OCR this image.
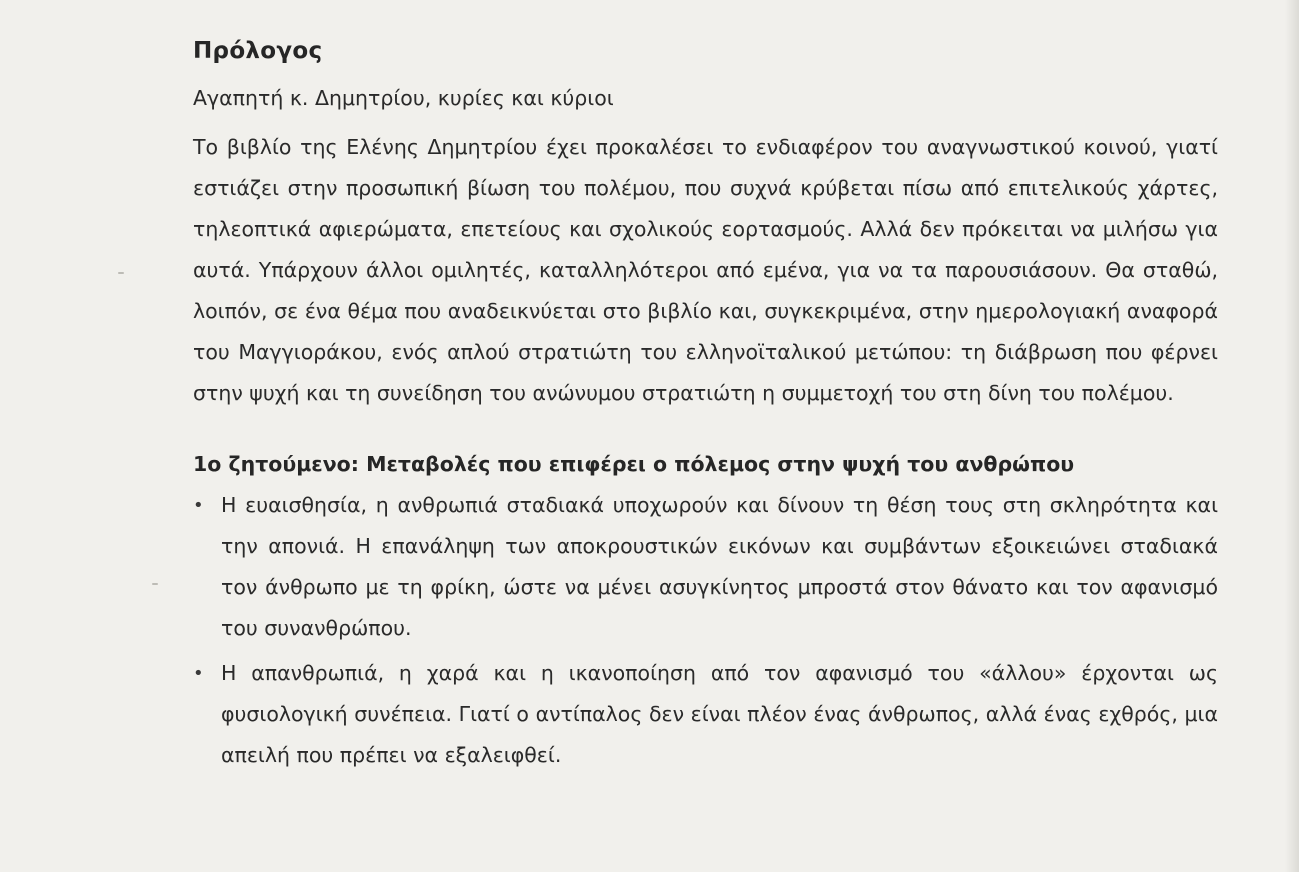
Πρόλογος

Αγαπητή κ. Δημητρίου, κυρίες και κύριοι

Το βιβλίο της Ελένης Δημητρίου έχει προκαλέσει το ενδιαφέρον του αναγνωστικού κοινού, γιατί εστιάζει στην προσωπική βίωση του πολέμου, που συχνά κρύβεται πίσω από επιτελικούς χάρτες, τηλεοπτικά αφιερώματα, επετείους και σχολικούς εορτασμούς. Αλλά δεν πρόκειται να μιλήσω για αυτά. Υπάρχουν άλλοι ομιλητές, καταλληλότεροι από εμένα, για να τα παρουσιάσουν. Θα σταθώ, λοιπόν, σε ένα θέμα που αναδεικνύεται στο βιβλίο και, συγκεκριμένα, στην ημερολογιακή αναφορά του Μαγγιοράκου, ενός απλού στρατιώτη του ελληνοϊταλικού μετώπου: τη διάβρωση που φέρνει στην ψυχή και τη συνείδηση του ανώνυμου στρατιώτη η συμμετοχή του στη δίνη του πολέμου.

1ο ζητούμενο: Μεταβολές που επιφέρει ο πόλεμος στην ψυχή του ανθρώπου
• Η ευαισθησία, η ανθρωπιά σταδιακά υποχωρούν και δίνουν τη θέση τους στη σκληρότητα και την απονιά. Η επανάληψη των αποκρουστικών εικόνων και συμβάντων εξοικειώνει σταδιακά τον άνθρωπο με τη φρίκη, ώστε να μένει ασυγκίνητος μπροστά στον θάνατο και τον αφανισμό του συνανθρώπου.
• Η απανθρωπιά, η χαρά και η ικανοποίηση από τον αφανισμό του «άλλου» έρχονται ως φυσιολογική συνέπεια. Γιατί ο αντίπαλος δεν είναι πλέον ένας άνθρωπος, αλλά ένας εχθρός, μια απειλή που πρέπει να εξαλειφθεί.
